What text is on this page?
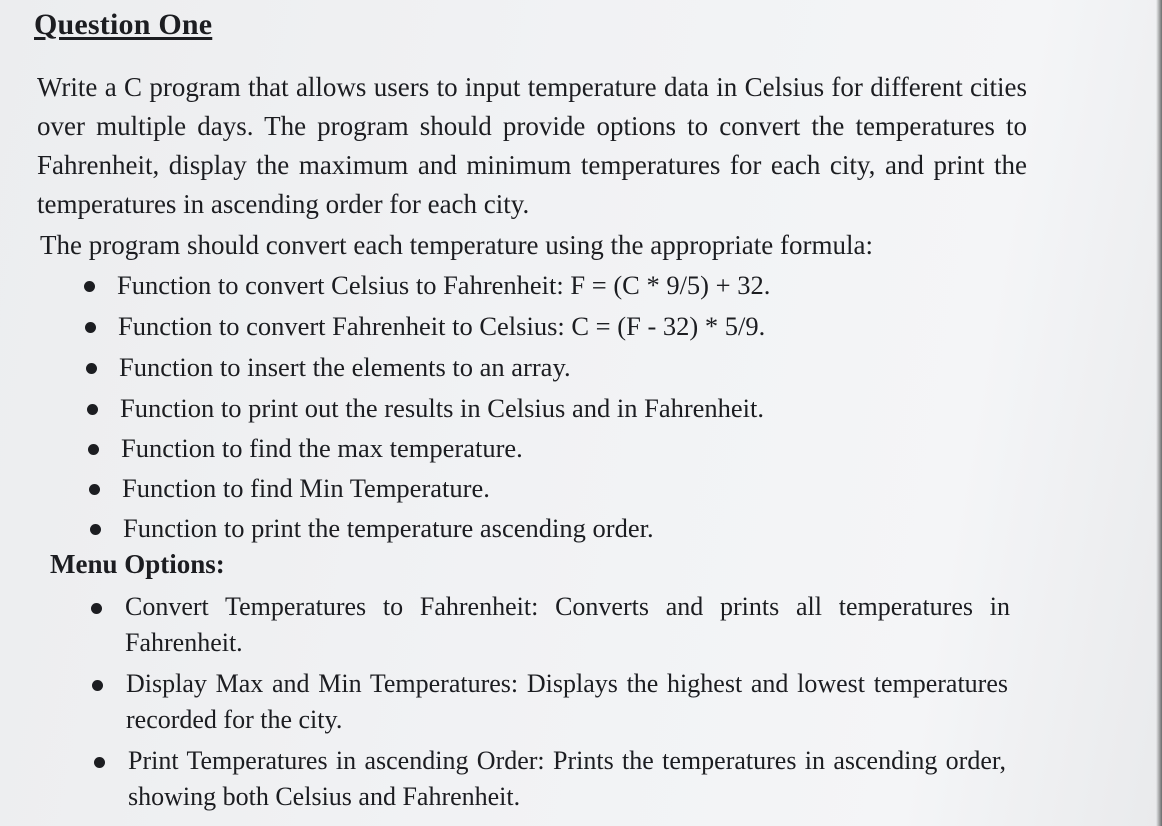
Question One
Write a C program that allows users to input temperature data in Celsius for different cities over multiple days. The program should provide options to convert the temperatures to Fahrenheit, display the maximum and minimum temperatures for each city, and print the temperatures in ascending order for each city.
The program should convert each temperature using the appropriate formula:
Function to convert Celsius to Fahrenheit: F = (C * 9/5) + 32.
Function to convert Fahrenheit to Celsius: C = (F - 32) * 5/9.
Function to insert the elements to an array.
Function to print out the results in Celsius and in Fahrenheit.
Function to find the max temperature.
Function to find Min Temperature.
Function to print the temperature ascending order.
Menu Options:
Convert Temperatures to Fahrenheit: Converts and prints all temperatures in Fahrenheit.
Display Max and Min Temperatures: Displays the highest and lowest temperatures recorded for the city.
Print Temperatures in ascending Order: Prints the temperatures in ascending order, showing both Celsius and Fahrenheit.
